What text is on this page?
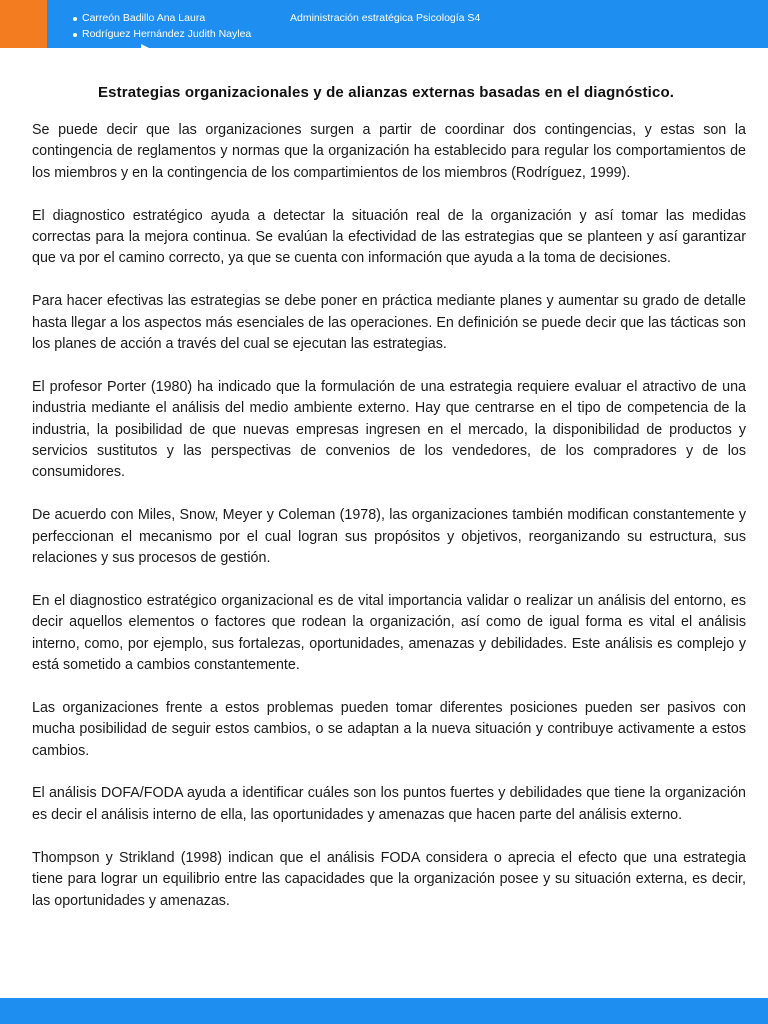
Carreón Badillo Ana Laura
Rodríguez Hernández Judith Naylea
Administración estratégica Psicología S4
Estrategias organizacionales y de alianzas externas basadas en el diagnóstico.

Se puede decir que las organizaciones surgen a partir de coordinar dos contingencias, y estas son la contingencia de reglamentos y normas que la organización ha establecido para regular los comportamientos de los miembros y en la contingencia de los compartimientos de los miembros (Rodríguez, 1999).

El diagnostico estratégico ayuda a detectar la situación real de la organización y así tomar las medidas correctas para la mejora continua. Se evalúan la efectividad de las estrategias que se planteen y así garantizar que va por el camino correcto, ya que se cuenta con información que ayuda a la toma de decisiones.

Para hacer efectivas las estrategias se debe poner en práctica mediante planes y aumentar su grado de detalle hasta llegar a los aspectos más esenciales de las operaciones. En definición se puede decir que las tácticas son los planes de acción a través del cual se ejecutan las estrategias.

El profesor Porter (1980) ha indicado que la formulación de una estrategia requiere evaluar el atractivo de una industria mediante el análisis del medio ambiente externo. Hay que centrarse en el tipo de competencia de la industria, la posibilidad de que nuevas empresas ingresen en el mercado, la disponibilidad de productos y servicios sustitutos y las perspectivas de convenios de los vendedores, de los compradores y de los consumidores.

De acuerdo con Miles, Snow, Meyer y Coleman (1978), las organizaciones también modifican constantemente y perfeccionan el mecanismo por el cual logran sus propósitos y objetivos, reorganizando su estructura, sus relaciones y sus procesos de gestión.

En el diagnostico estratégico organizacional es de vital importancia validar o realizar un análisis del entorno, es decir aquellos elementos o factores que rodean la organización, así como de igual forma es vital el análisis interno, como, por ejemplo, sus fortalezas, oportunidades, amenazas y debilidades. Este análisis es complejo y está sometido a cambios constantemente.

Las organizaciones frente a estos problemas pueden tomar diferentes posiciones pueden ser pasivos con mucha posibilidad de seguir estos cambios, o se adaptan a la nueva situación y contribuye activamente a estos cambios.

El análisis DOFA/FODA ayuda a identificar cuáles son los puntos fuertes y debilidades que tiene la organización es decir el análisis interno de ella, las oportunidades y amenazas que hacen parte del análisis externo.

Thompson y Strikland (1998) indican que el análisis FODA considera o aprecia el efecto que una estrategia tiene para lograr un equilibrio entre las capacidades que la organización posee y su situación externa, es decir, las oportunidades y amenazas.
